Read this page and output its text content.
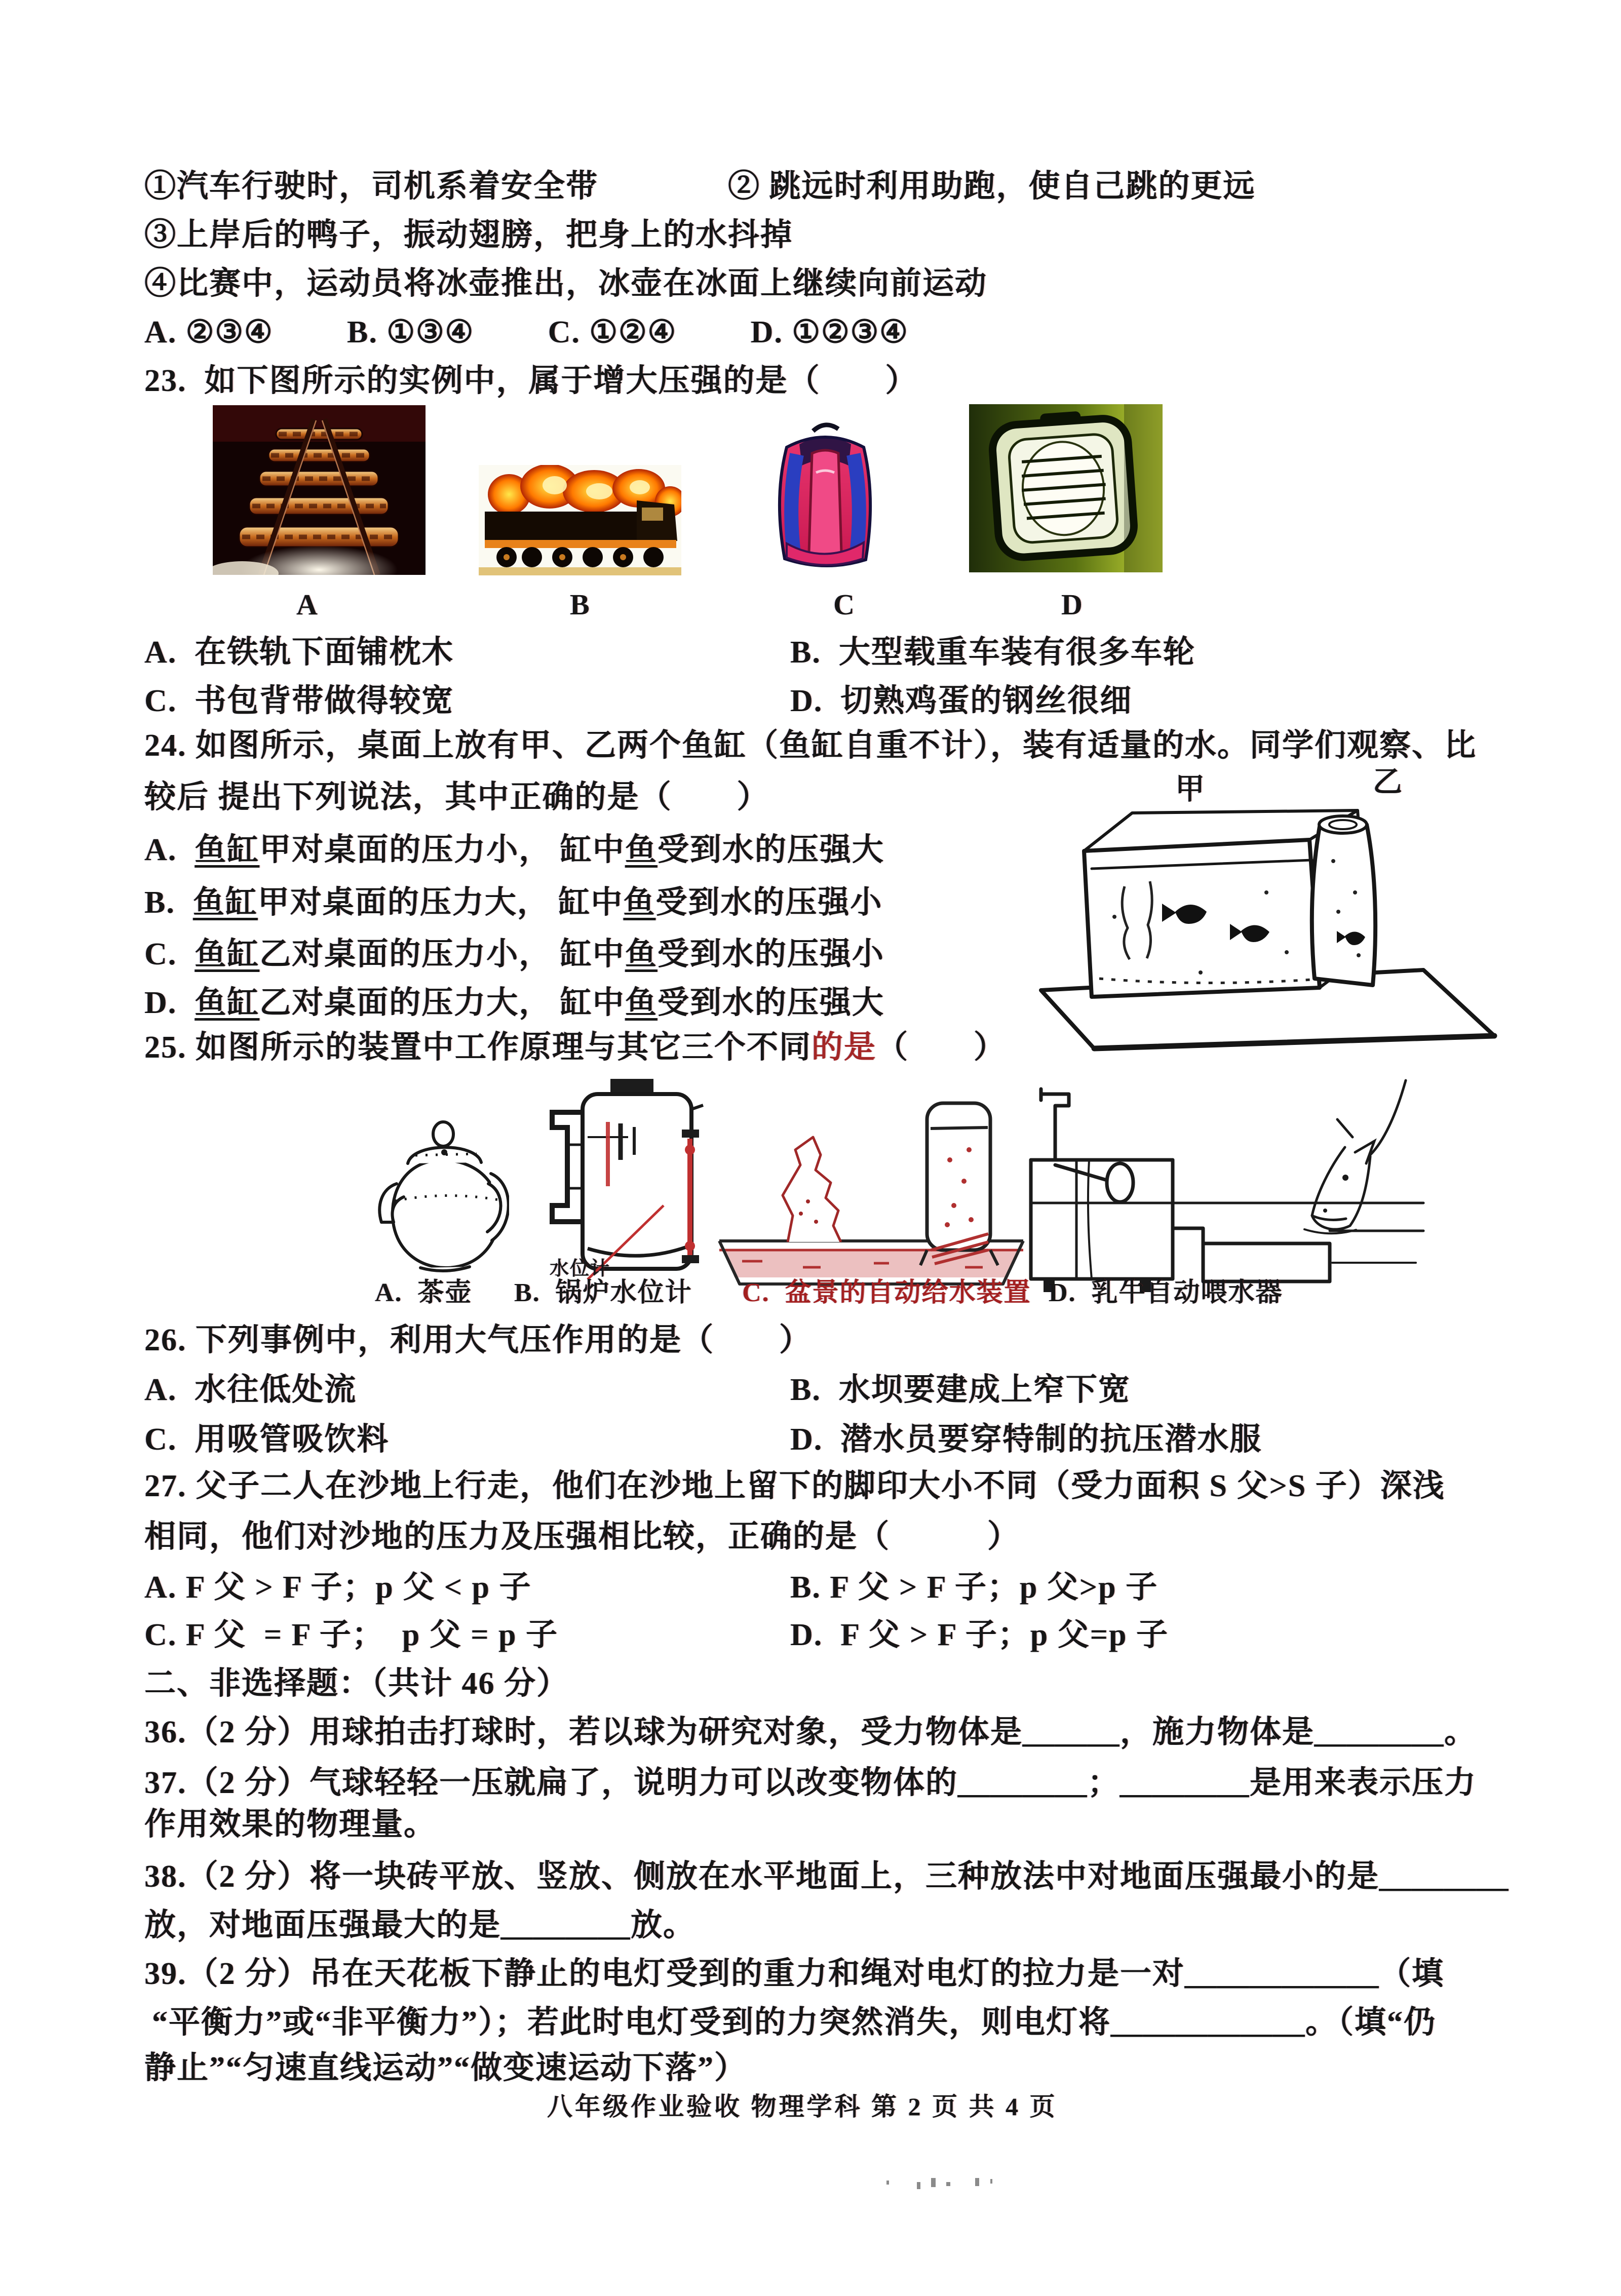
①汽车行驶时，司机系着安全带　　　　② 跳远时利用助跑，使自己跳的更远
③上岸后的鸭子，振动翅膀，把身上的水抖掉
④比赛中，运动员将冰壶推出，冰壶在冰面上继续向前运动
A. ②③④　　 B. ①③④　　 C. ①②④　　 D. ①②③④
23.  如下图所示的实例中，属于增大压强的是（　　）
A	B	C	D
A.  在铁轨下面铺枕木	B.  大型载重车装有很多车轮
C.  书包背带做得较宽	D.  切熟鸡蛋的钢丝很细
24. 如图所示，桌面上放有甲、乙两个鱼缸（鱼缸自重不计），装有适量的水。同学们观察、比
较后 提出下列说法，其中正确的是（　　）	甲	乙
A.  鱼缸甲对桌面的压力小， 缸中鱼受到水的压强大
B.  鱼缸甲对桌面的压力大， 缸中鱼受到水的压强小
C.  鱼缸乙对桌面的压力小， 缸中鱼受到水的压强小
D.  鱼缸乙对桌面的压力大， 缸中鱼受到水的压强大
25. 如图所示的装置中工作原理与其它三个不同的是（　　）
水位计
A.  茶壶 B.  锅炉水位计 C.  盆景的自动给水装置 D.  乳牛自动喂水器
26. 下列事例中，利用大气压作用的是（　　）
A.  水往低处流	B.  水坝要建成上窄下宽
C.  用吸管吸饮料	D.  潜水员要穿特制的抗压潜水服
27. 父子二人在沙地上行走，他们在沙地上留下的脚印大小不同（受力面积 S 父>S 子）深浅
相同，他们对沙地的压力及压强相比较，正确的是（　　　）
A. F 父 > F 子；p 父 < p 子	B. F 父 > F 子；p 父>p 子
C. F 父  = F 子；  p 父 = p 子	D.  F 父 > F 子；p 父=p 子
二、非选择题：（共计 46 分）
36.（2 分）用球拍击打球时，若以球为研究对象，受力物体是＿＿＿，施力物体是＿＿＿＿。
37.（2 分）气球轻轻一压就扁了，说明力可以改变物体的＿＿＿＿；＿＿＿＿是用来表示压力
作用效果的物理量。
38.（2 分）将一块砖平放、竖放、侧放在水平地面上，三种放法中对地面压强最小的是＿＿＿＿
放，对地面压强最大的是＿＿＿＿放。
39.（2 分）吊在天花板下静止的电灯受到的重力和绳对电灯的拉力是一对＿＿＿＿＿＿（填
“平衡力”或“非平衡力”）；若此时电灯受到的力突然消失，则电灯将＿＿＿＿＿＿。（填“仍
静止”“匀速直线运动”“做变速运动下落”）
八年级作业验收 物理学科 第 2 页 共 4 页
